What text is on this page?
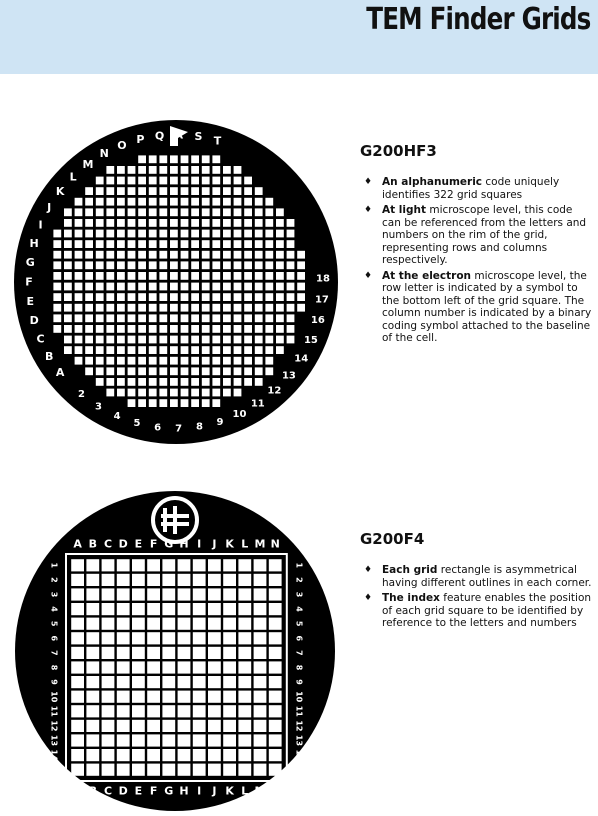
TEM Finder Grids
A
B
C
D
E
F
G
H
I
J
K
L
M
N
O P Q R S T
2
3
4
5 6 7 8 9
10
11
12
13
14
15
16
17
18
A
A
B
B
C
C
D
D
E
E
F
F
G
G
H
H
I
I
J
J
K
K
L
L
M
M
N
N
1	1
2	2
3	3
4	4
5	5
6	6
7	7
8	8
9	9
10	10
11	11
12	12
13	13
14	14
15	15
G200HF3
♦ An alphanumeric code uniquely identifies 322 grid squares
♦ At light microscope level, this code can be referenced from the letters and numbers on the rim of the grid, representing rows and columns respectively.
♦ At the electron microscope level, the row letter is indicated by a symbol to the bottom left of the grid square. The column number is indicated by a binary coding symbol attached to the baseline of the cell.
G200F4
♦ Each grid rectangle is asymmetrical having different outlines in each corner.
♦ The index feature enables the position of each grid square to be identified by reference to the letters and numbers
